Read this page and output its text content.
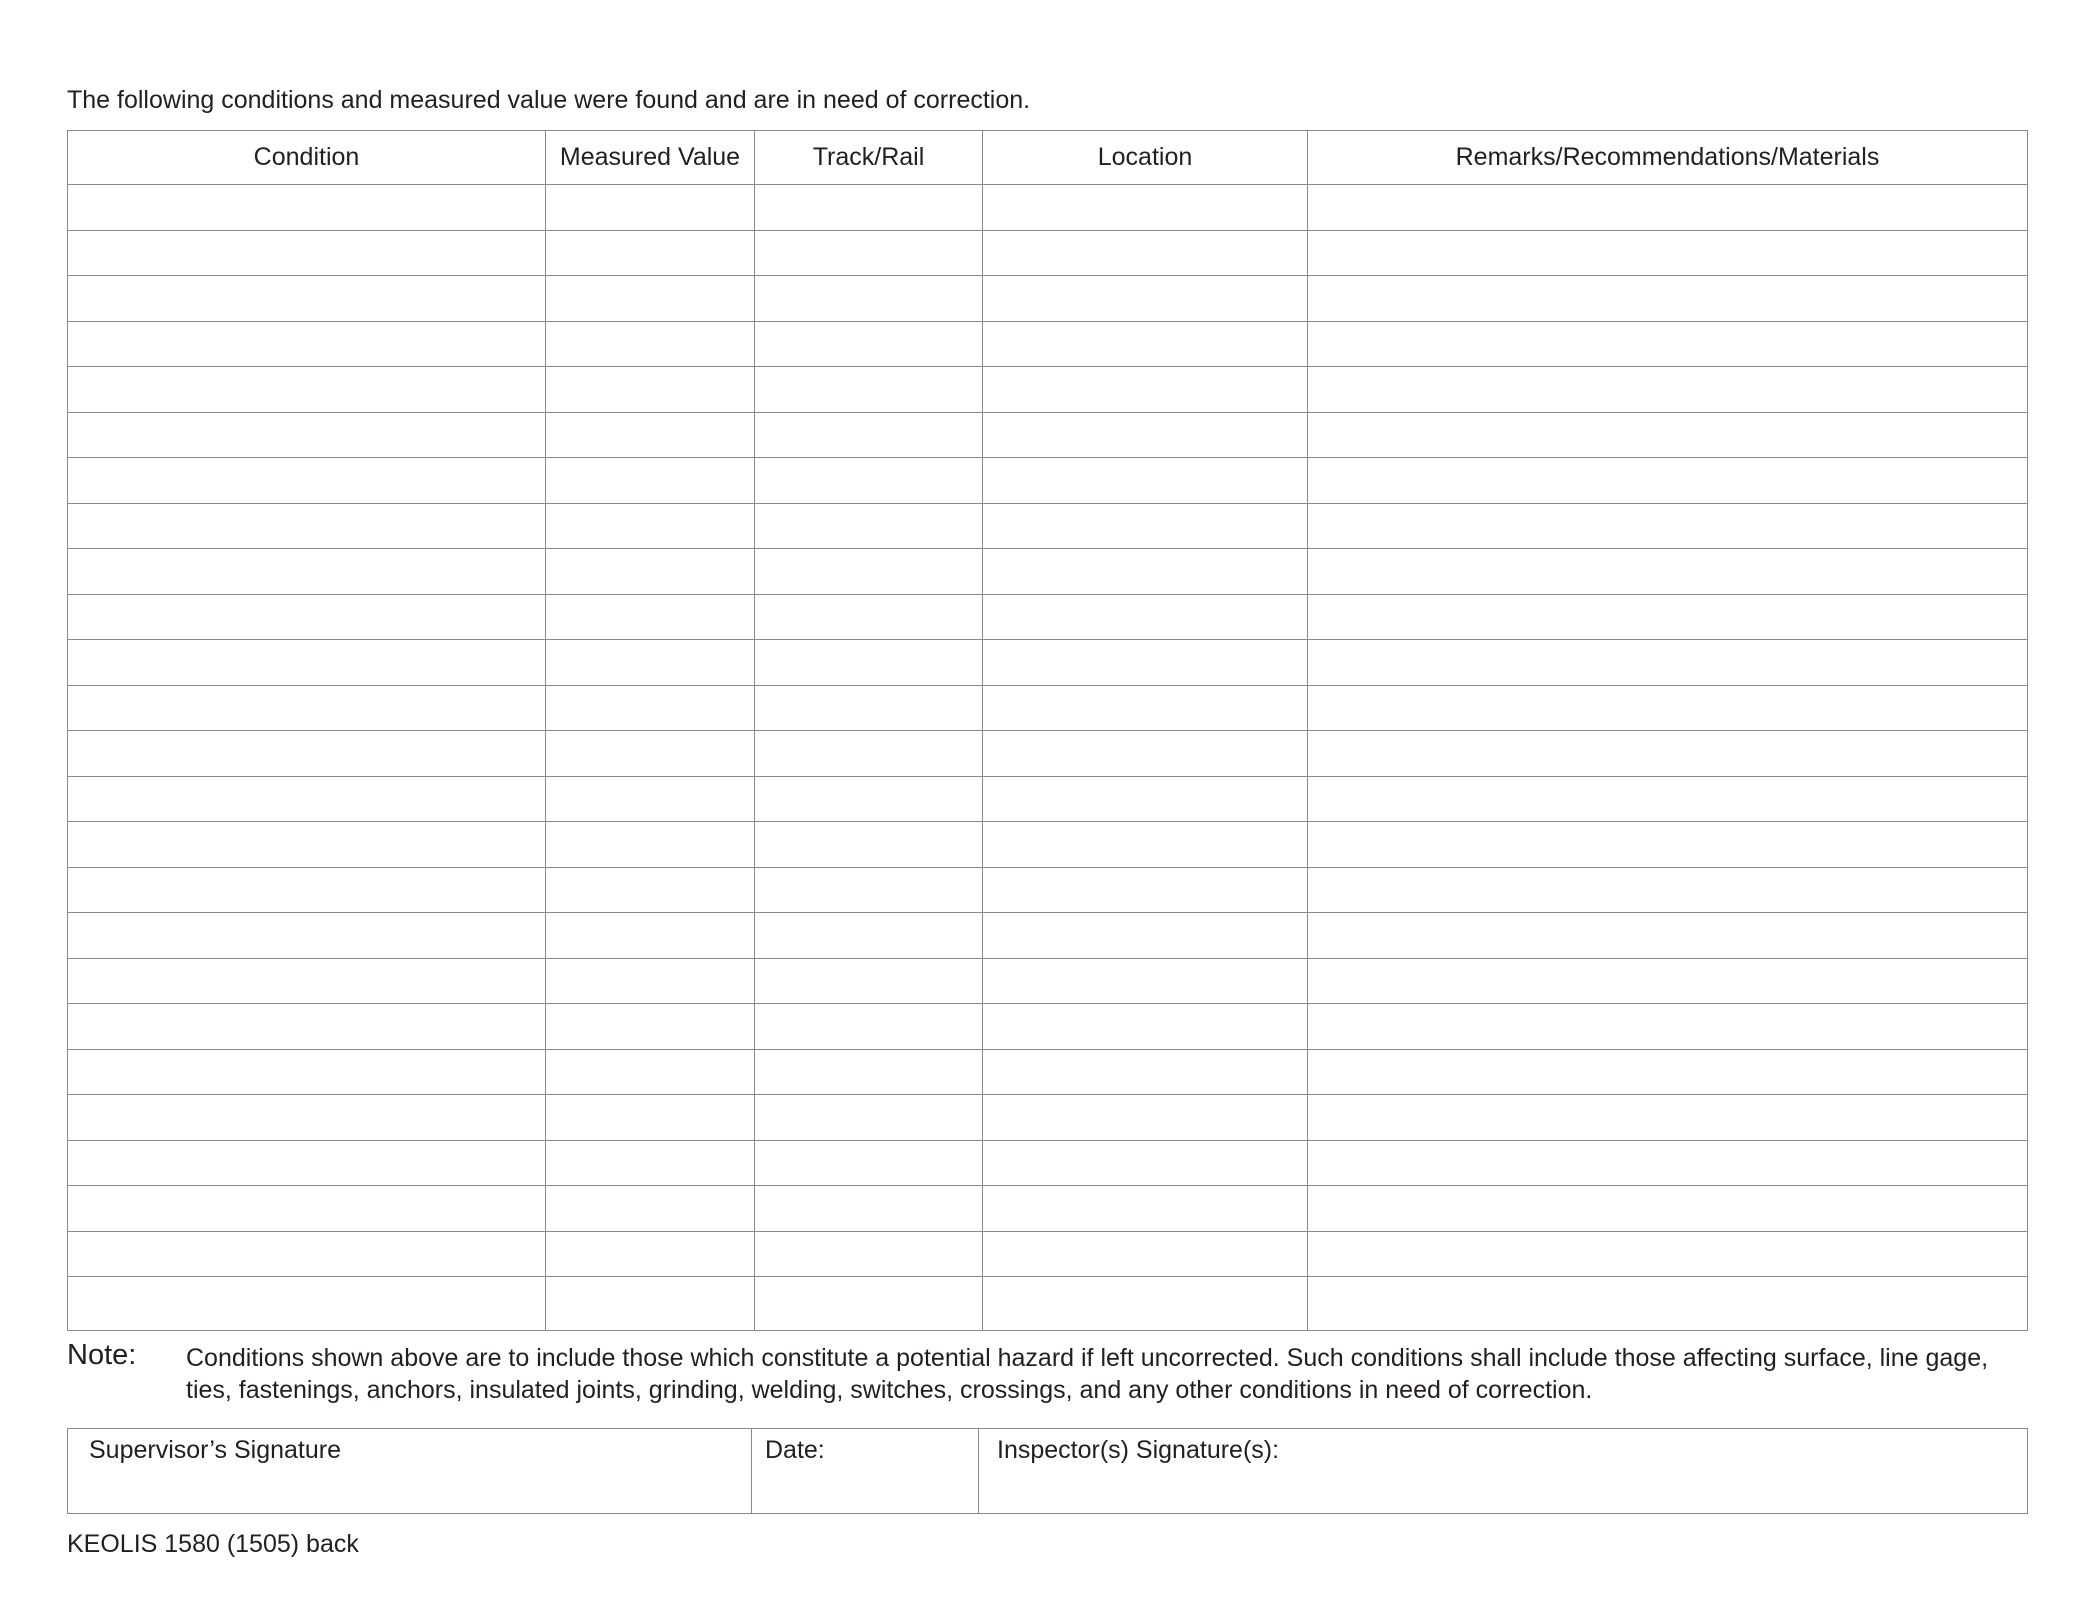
The following conditions and measured value were found and are in need of correction.
Condition	Measured Value	Track/Rail	Location	Remarks/Recommendations/Materials

Note: Conditions shown above are to include those which constitute a potential hazard if left uncorrected. Such conditions shall include those affecting surface, line gage, ties, fastenings, anchors, insulated joints, grinding, welding, switches, crossings, and any other conditions in need of correction.
Supervisor’s Signature	Date:	Inspector(s) Signature(s):
KEOLIS 1580 (1505) back
